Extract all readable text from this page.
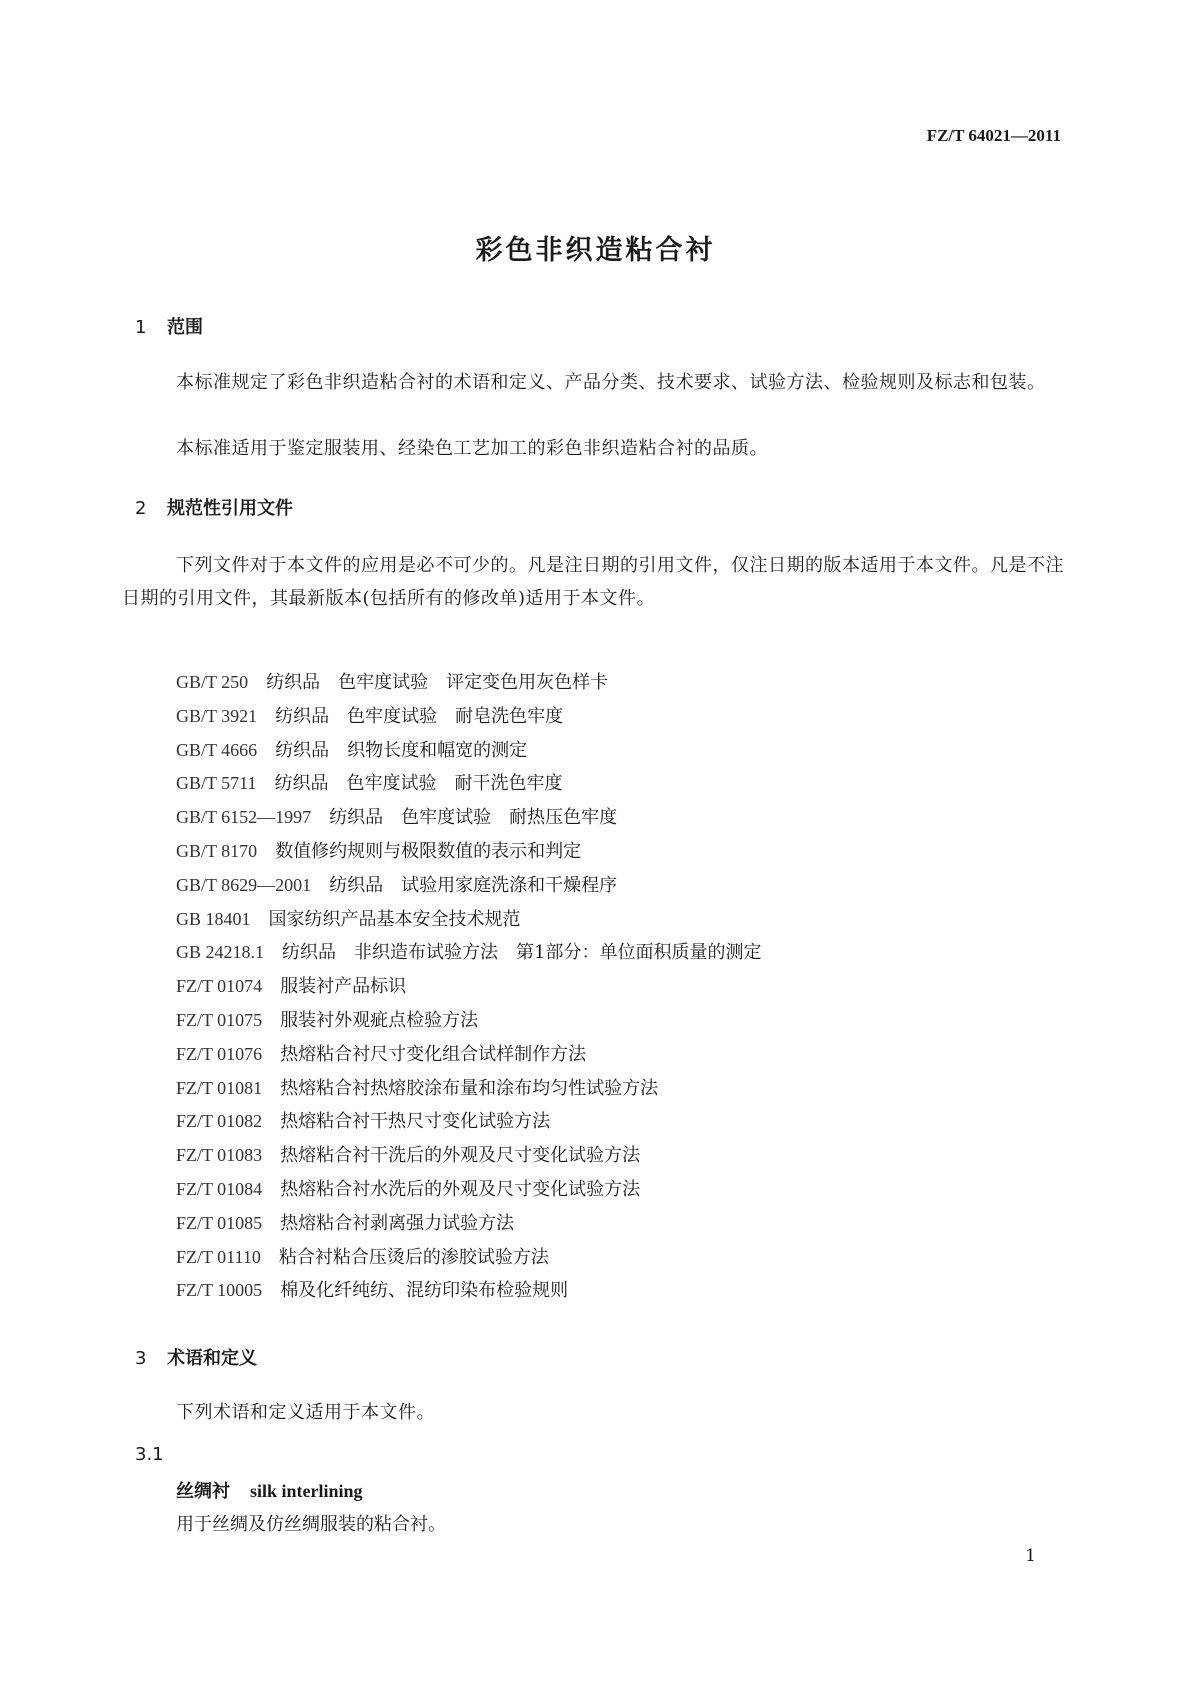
FZ/T 64021—2011
彩色非织造粘合衬
1 范围
本标准规定了彩色非织造粘合衬的术语和定义、产品分类、技术要求、试验方法、检验规则及标志和包装。
本标准适用于鉴定服装用、经染色工艺加工的彩色非织造粘合衬的品质。
2 规范性引用文件
下列文件对于本文件的应用是必不可少的。凡是注日期的引用文件，仅注日期的版本适用于本文件。凡是不注日期的引用文件，其最新版本(包括所有的修改单)适用于本文件。
GB/T 250 纺织品　色牢度试验　评定变色用灰色样卡
GB/T 3921 纺织品　色牢度试验　耐皂洗色牢度
GB/T 4666 纺织品　织物长度和幅宽的测定
GB/T 5711 纺织品　色牢度试验　耐干洗色牢度
GB/T 6152—1997 纺织品　色牢度试验　耐热压色牢度
GB/T 8170 数值修约规则与极限数值的表示和判定
GB/T 8629—2001 纺织品　试验用家庭洗涤和干燥程序
GB 18401 国家纺织产品基本安全技术规范
GB 24218.1 纺织品　非织造布试验方法　第1部分：单位面积质量的测定
FZ/T 01074 服装衬产品标识
FZ/T 01075 服装衬外观疵点检验方法
FZ/T 01076 热熔粘合衬尺寸变化组合试样制作方法
FZ/T 01081 热熔粘合衬热熔胶涂布量和涂布均匀性试验方法
FZ/T 01082 热熔粘合衬干热尺寸变化试验方法
FZ/T 01083 热熔粘合衬干洗后的外观及尺寸变化试验方法
FZ/T 01084 热熔粘合衬水洗后的外观及尺寸变化试验方法
FZ/T 01085 热熔粘合衬剥离强力试验方法
FZ/T 01110 粘合衬粘合压烫后的渗胶试验方法
FZ/T 10005 棉及化纤纯纺、混纺印染布检验规则
3 术语和定义
下列术语和定义适用于本文件。
3.1
丝绸衬 silk interlining
用于丝绸及仿丝绸服装的粘合衬。
1
